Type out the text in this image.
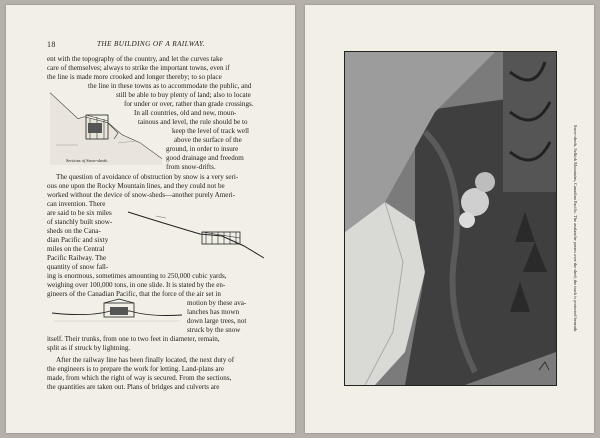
18	THE BUILDING OF A RAILWAY.
ent with the topography of the country, and let the curves take
care of themselves; always to strike the important towns, even if
the line is made more crooked and longer thereby; to so place
the line in these towns as to accommodate the public, and
still be able to buy plenty of land; also to locate
for under or over, rather than grade crossings.
In all countries, old and new, moun-
tainous and level, the rule should be to
keep the level of track well
above the surface of the
ground, in order to insure
good drainage and freedom
from snow-drifts.
The question of avoidance of obstruction by snow is a very seri-
ous one upon the Rocky Mountain lines, and they could not be
worked without the device of snow-sheds—another purely Ameri-
can invention. There
are said to be six miles
of stanchly built snow-
sheds on the Cana-
dian Pacific and sixty
miles on the Central
Pacific Railway. The
quantity of snow fall-
ing is enormous, sometimes amounting to 250,000 cubic yards,
weighing over 100,000 tons, in one slide. It is stated by the en-
gineers of the Canadian Pacific, that the force of the air set in
motion by these ava-
lanches has mown
down large trees, not
struck by the snow
itself. Their trunks, from one to two feet in diameter, remain,
split as if struck by lightning.
After the railway line has been finally located, the next duty of
the engineers is to prepare the work for letting. Land-plans are
made, from which the right of way is secured. From the sections,
the quantities are taken out. Plans of bridges and culverts are
Sections of Snow-sheds.	Snow-sheds, Selkirk Mountains, Canadian Pacific. The avalanche passes over the shed; the track is protected beneath.
